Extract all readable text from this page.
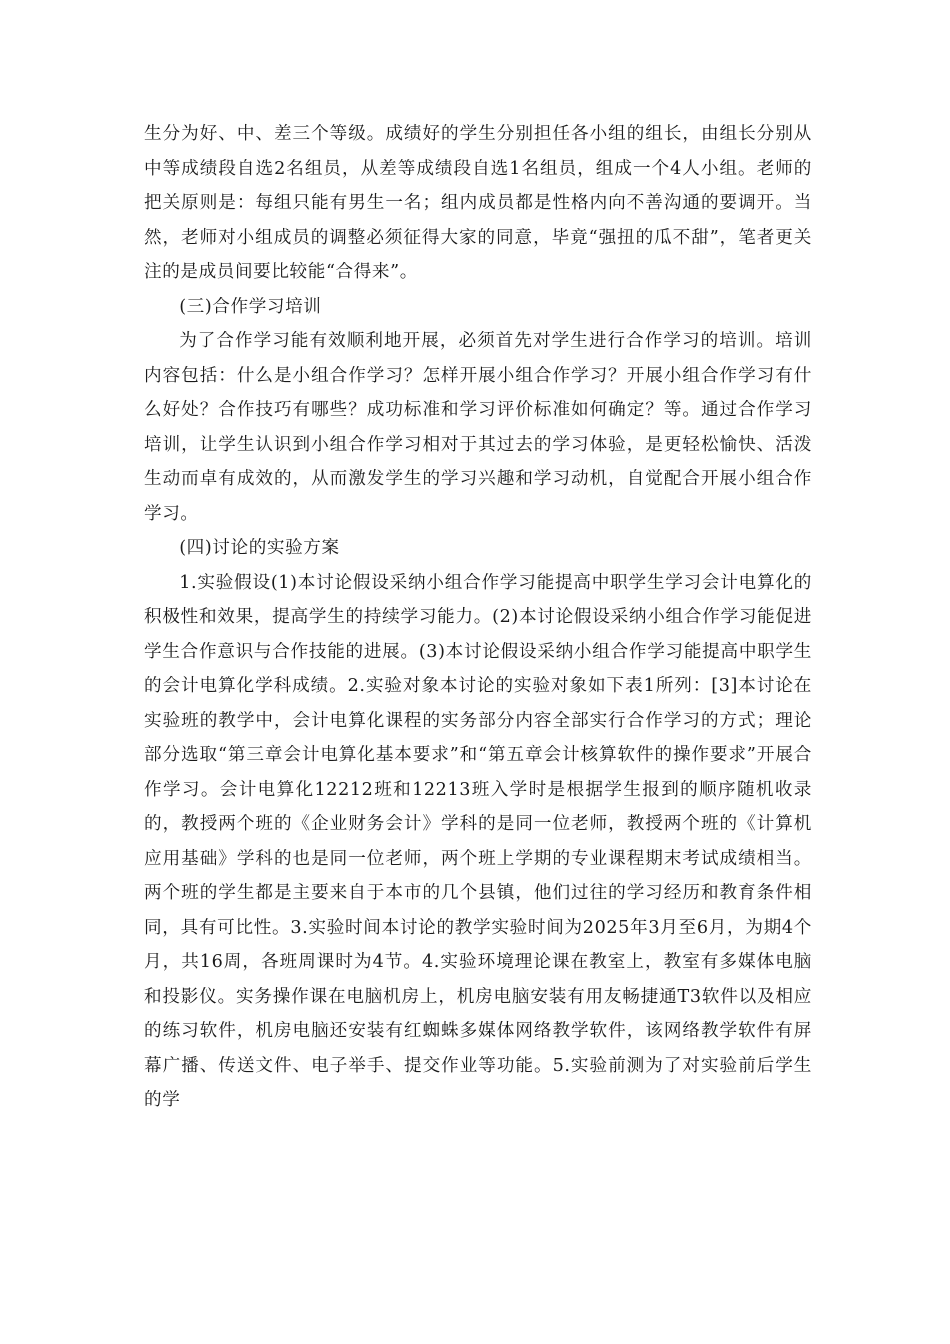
生分为好、中、差三个等级。成绩好的学生分别担任各小组的组长，由组长分别从中等成绩段自选2名组员，从差等成绩段自选1名组员，组成一个4人小组。老师的把关原则是：每组只能有男生一名；组内成员都是性格内向不善沟通的要调开。当然，老师对小组成员的调整必须征得大家的同意，毕竟“强扭的瓜不甜”，笔者更关注的是成员间要比较能“合得来”。

(三)合作学习培训

为了合作学习能有效顺利地开展，必须首先对学生进行合作学习的培训。培训内容包括：什么是小组合作学习？怎样开展小组合作学习？开展小组合作学习有什么好处？合作技巧有哪些？成功标准和学习评价标准如何确定？等。通过合作学习培训，让学生认识到小组合作学习相对于其过去的学习体验，是更轻松愉快、活泼生动而卓有成效的，从而激发学生的学习兴趣和学习动机，自觉配合开展小组合作学习。

(四)讨论的实验方案

1.实验假设(1)本讨论假设采纳小组合作学习能提高中职学生学习会计电算化的积极性和效果，提高学生的持续学习能力。(2)本讨论假设采纳小组合作学习能促进学生合作意识与合作技能的进展。(3)本讨论假设采纳小组合作学习能提高中职学生的会计电算化学科成绩。2.实验对象本讨论的实验对象如下表1所列：[3]本讨论在实验班的教学中，会计电算化课程的实务部分内容全部实行合作学习的方式；理论部分选取“第三章会计电算化基本要求”和“第五章会计核算软件的操作要求”开展合作学习。会计电算化12212班和12213班入学时是根据学生报到的顺序随机收录的，教授两个班的《企业财务会计》学科的是同一位老师，教授两个班的《计算机应用基础》学科的也是同一位老师，两个班上学期的专业课程期末考试成绩相当。两个班的学生都是主要来自于本市的几个县镇，他们过往的学习经历和教育条件相同，具有可比性。3.实验时间本讨论的教学实验时间为2025年3月至6月，为期4个月，共16周，各班周课时为4节。4.实验环境理论课在教室上，教室有多媒体电脑和投影仪。实务操作课在电脑机房上，机房电脑安装有用友畅捷通T3软件以及相应的练习软件，机房电脑还安装有红蜘蛛多媒体网络教学软件，该网络教学软件有屏幕广播、传送文件、电子举手、提交作业等功能。5.实验前测为了对实验前后学生的学
